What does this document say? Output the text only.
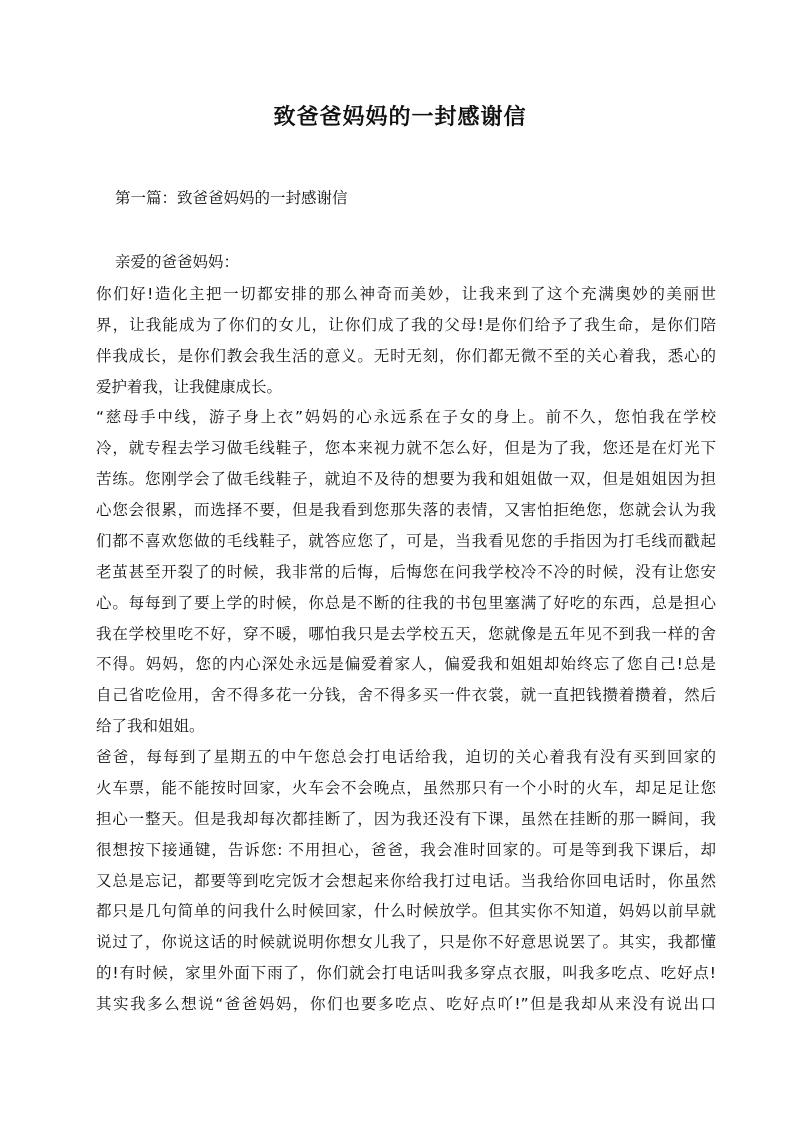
致爸爸妈妈的一封感谢信
第一篇：致爸爸妈妈的一封感谢信
亲爱的爸爸妈妈：
你们好!造化主把一切都安排的那么神奇而美妙，让我来到了这个充满奥妙的美丽世
界，让我能成为了你们的女儿，让你们成了我的父母!是你们给予了我生命，是你们陪
伴我成长，是你们教会我生活的意义。无时无刻，你们都无微不至的关心着我，悉心的
爱护着我，让我健康成长。
“慈母手中线，游子身上衣”妈妈的心永远系在子女的身上。前不久，您怕我在学校
冷，就专程去学习做毛线鞋子，您本来视力就不怎么好，但是为了我，您还是在灯光下
苦练。您刚学会了做毛线鞋子，就迫不及待的想要为我和姐姐做一双，但是姐姐因为担
心您会很累，而选择不要，但是我看到您那失落的表情，又害怕拒绝您，您就会认为我
们都不喜欢您做的毛线鞋子，就答应您了，可是，当我看见您的手指因为打毛线而戳起
老茧甚至开裂了的时候，我非常的后悔，后悔您在问我学校冷不冷的时候，没有让您安
心。每每到了要上学的时候，你总是不断的往我的书包里塞满了好吃的东西，总是担心
我在学校里吃不好，穿不暖，哪怕我只是去学校五天，您就像是五年见不到我一样的舍
不得。妈妈，您的内心深处永远是偏爱着家人，偏爱我和姐姐却始终忘了您自己!总是
自己省吃俭用，舍不得多花一分钱，舍不得多买一件衣裳，就一直把钱攒着攒着，然后
给了我和姐姐。
爸爸，每每到了星期五的中午您总会打电话给我，迫切的关心着我有没有买到回家的
火车票，能不能按时回家，火车会不会晚点，虽然那只有一个小时的火车，却足足让您
担心一整天。但是我却每次都挂断了，因为我还没有下课，虽然在挂断的那一瞬间，我
很想按下接通键，告诉您: 不用担心，爸爸，我会准时回家的。可是等到我下课后，却
又总是忘记，都要等到吃完饭才会想起来你给我打过电话。当我给你回电话时，你虽然
都只是几句简单的问我什么时候回家，什么时候放学。但其实你不知道，妈妈以前早就
说过了，你说这话的时候就说明你想女儿我了，只是你不好意思说罢了。其实，我都懂
的!有时候，家里外面下雨了，你们就会打电话叫我多穿点衣服，叫我多吃点、吃好点!
其实我多么想说“爸爸妈妈，你们也要多吃点、吃好点吖!”但是我却从来没有说出口
